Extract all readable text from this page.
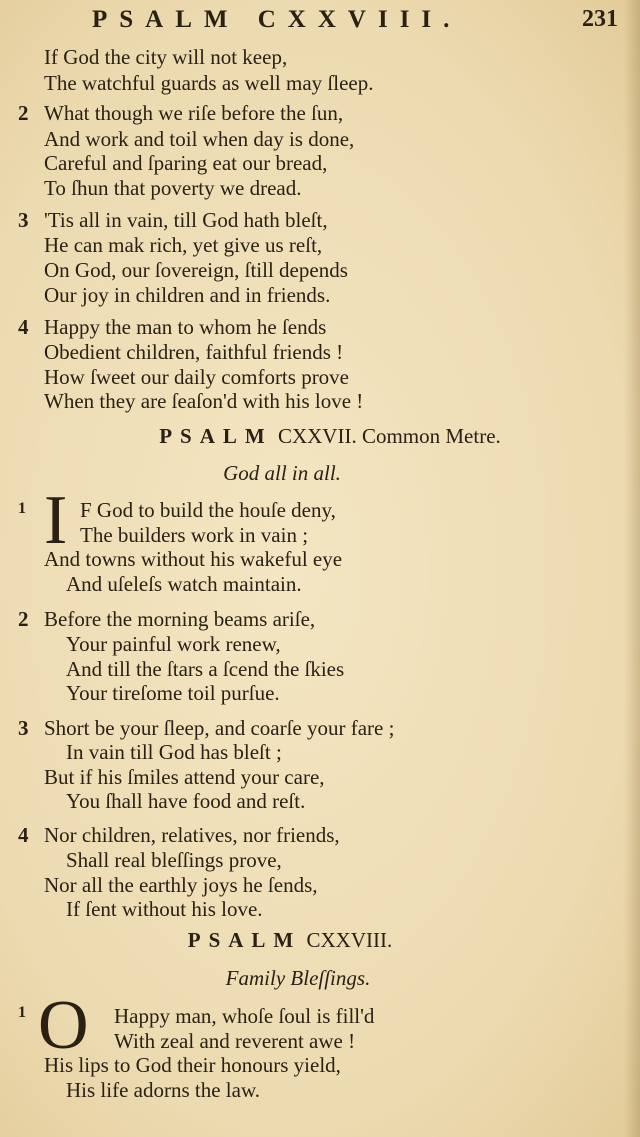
PSALM CXXVIII.	231
If God the city will not keep,
The watchful guards as well may ſleep.
2 What though we riſe before the ſun,
And work and toil when day is done,
Careful and ſparing eat our bread,
To ſhun that poverty we dread.
3 'Tis all in vain, till God hath bleſt,
He can mak rich, yet give us reſt,
On God, our ſovereign, ſtill depends
Our joy in children and in friends.
4 Happy the man to whom he ſends
Obedient children, faithful friends !
How ſweet our daily comforts prove
When they are ſeaſon'd with his love !
PSALM CXXVII. Common Metre.
God all in all.
1 I F God to build the houſe deny,
The builders work in vain ;
And towns without his wakeful eye
And uſeleſs watch maintain.
2 Before the morning beams ariſe,
Your painful work renew,
And till the ſtars a ſcend the ſkies
Your tireſome toil purſue.
3 Short be your ſleep, and coarſe your fare ;
In vain till God has bleſt ;
But if his ſmiles attend your care,
You ſhall have food and reſt.
4 Nor children, relatives, nor friends,
Shall real bleſſings prove,
Nor all the earthly joys he ſends,
If ſent without his love.
PSALM CXXVIII.
Family Bleſſings.
1 O Happy man, whoſe ſoul is fill'd
With zeal and reverent awe !
His lips to God their honours yield,
His life adorns the law.
